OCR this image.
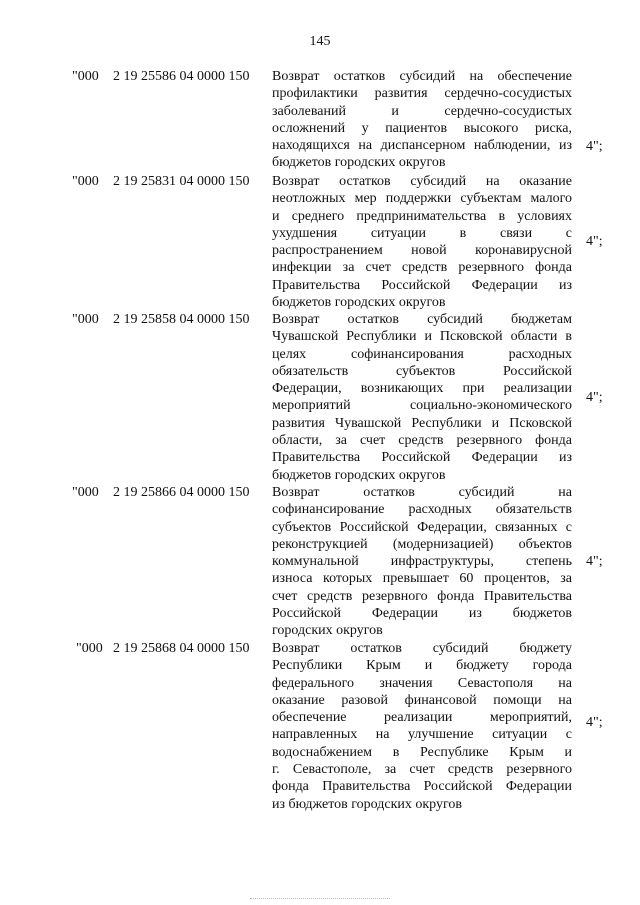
145
"000 2 19 25586 04 0000 150 Возврат остатков субсидий на обеспечение
профилактики развития сердечно-сосудистых
заболеваний и сердечно-сосудистых
осложнений у пациентов высокого риска,
находящихся на диспансерном наблюдении, из
бюджетов городских округов
4";
"000 2 19 25831 04 0000 150 Возврат остатков субсидий на оказание
неотложных мер поддержки субъектам малого
и среднего предпринимательства в условиях
ухудшения ситуации в связи с
распространением новой коронавирусной
инфекции за счет средств резервного фонда
Правительства Российской Федерации из
бюджетов городских округов
4";
"000 2 19 25858 04 0000 150 Возврат остатков субсидий бюджетам
Чувашской Республики и Псковской области в
целях софинансирования расходных
обязательств субъектов Российской
Федерации, возникающих при реализации
мероприятий социально-экономического
развития Чувашской Республики и Псковской
области, за счет средств резервного фонда
Правительства Российской Федерации из
бюджетов городских округов
4";
"000 2 19 25866 04 0000 150 Возврат остатков субсидий на
софинансирование расходных обязательств
субъектов Российской Федерации, связанных с
реконструкцией (модернизацией) объектов
коммунальной инфраструктуры, степень
износа которых превышает 60 процентов, за
счет средств резервного фонда Правительства
Российской Федерации из бюджетов
городских округов
4";
"000 2 19 25868 04 0000 150 Возврат остатков субсидий бюджету
Республики Крым и бюджету города
федерального значения Севастополя на
оказание разовой финансовой помощи на
обеспечение реализации мероприятий,
направленных на улучшение ситуации с
водоснабжением в Республике Крым и
г. Севастополе, за счет средств резервного
фонда Правительства Российской Федерации
из бюджетов городских округов
4";
